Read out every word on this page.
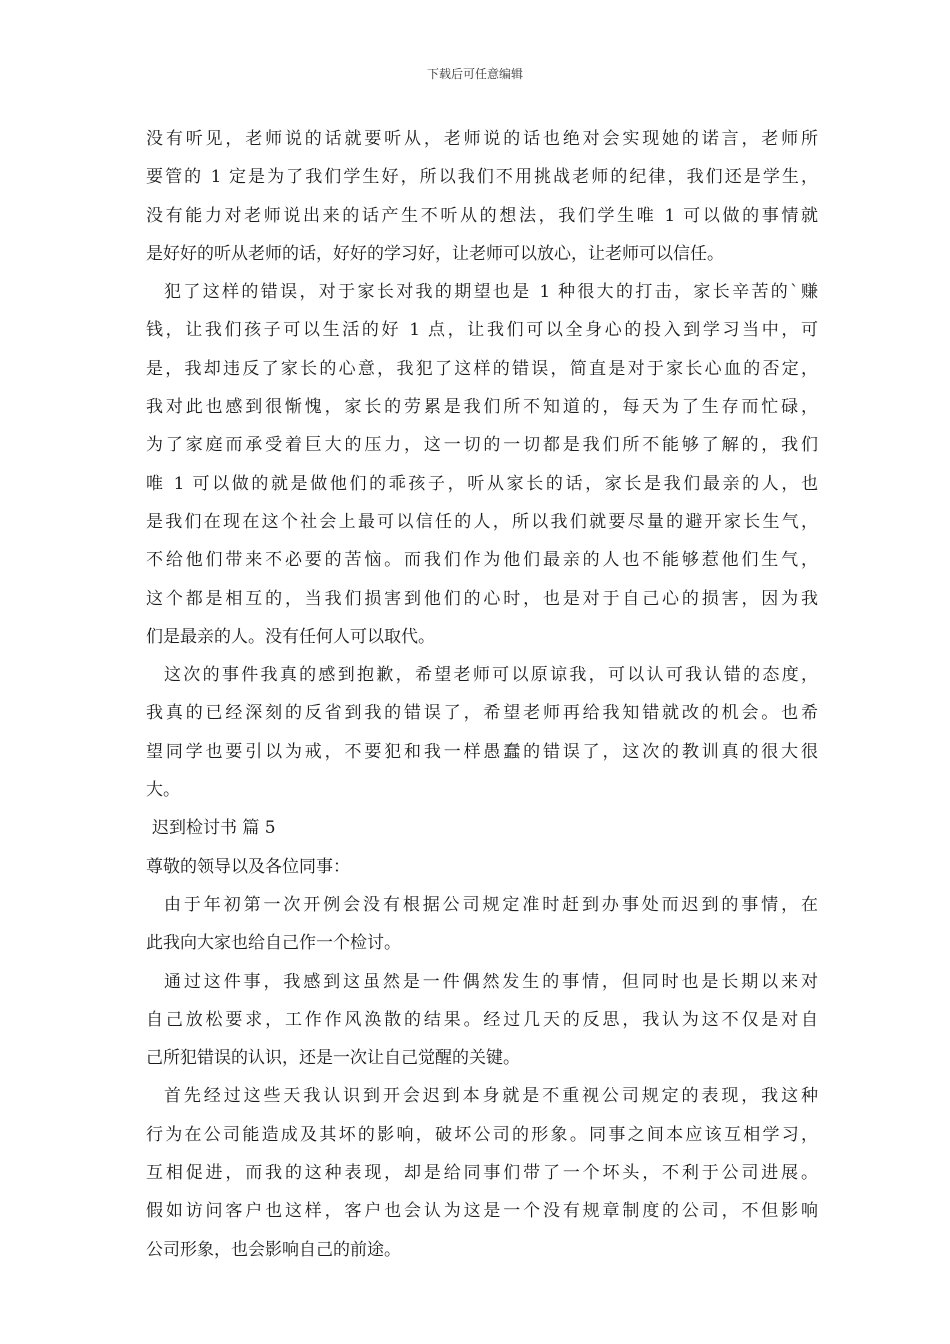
下载后可任意编辑
没有听见，老师说的话就要听从，老师说的话也绝对会实现她的诺言，老师所
要管的 1 定是为了我们学生好，所以我们不用挑战老师的纪律，我们还是学生，
没有能力对老师说出来的话产生不听从的想法，我们学生唯 1 可以做的事情就
是好好的听从老师的话，好好的学习好，让老师可以放心，让老师可以信任。
犯了这样的错误，对于家长对我的期望也是 1 种很大的打击，家长辛苦的`赚
钱，让我们孩子可以生活的好 1 点，让我们可以全身心的投入到学习当中，可
是，我却违反了家长的心意，我犯了这样的错误，简直是对于家长心血的否定，
我对此也感到很惭愧，家长的劳累是我们所不知道的，每天为了生存而忙碌，
为了家庭而承受着巨大的压力，这一切的一切都是我们所不能够了解的，我们
唯 1 可以做的就是做他们的乖孩子，听从家长的话，家长是我们最亲的人，也
是我们在现在这个社会上最可以信任的人，所以我们就要尽量的避开家长生气，
不给他们带来不必要的苦恼。而我们作为他们最亲的人也不能够惹他们生气，
这个都是相互的，当我们损害到他们的心时，也是对于自己心的损害，因为我
们是最亲的人。没有任何人可以取代。
这次的事件我真的感到抱歉，希望老师可以原谅我，可以认可我认错的态度，
我真的已经深刻的反省到我的错误了，希望老师再给我知错就改的机会。也希
望同学也要引以为戒，不要犯和我一样愚蠢的错误了，这次的教训真的很大很
大。
迟到检讨书 篇 5
尊敬的领导以及各位同事：
由于年初第一次开例会没有根据公司规定准时赶到办事处而迟到的事情，在
此我向大家也给自己作一个检讨。
通过这件事，我感到这虽然是一件偶然发生的事情，但同时也是长期以来对
自己放松要求，工作作风涣散的结果。经过几天的反思，我认为这不仅是对自
己所犯错误的认识，还是一次让自己觉醒的关键。
首先经过这些天我认识到开会迟到本身就是不重视公司规定的表现，我这种
行为在公司能造成及其坏的影响，破坏公司的形象。同事之间本应该互相学习，
互相促进，而我的这种表现，却是给同事们带了一个坏头，不利于公司进展。
假如访问客户也这样，客户也会认为这是一个没有规章制度的公司，不但影响
公司形象，也会影响自己的前途。
